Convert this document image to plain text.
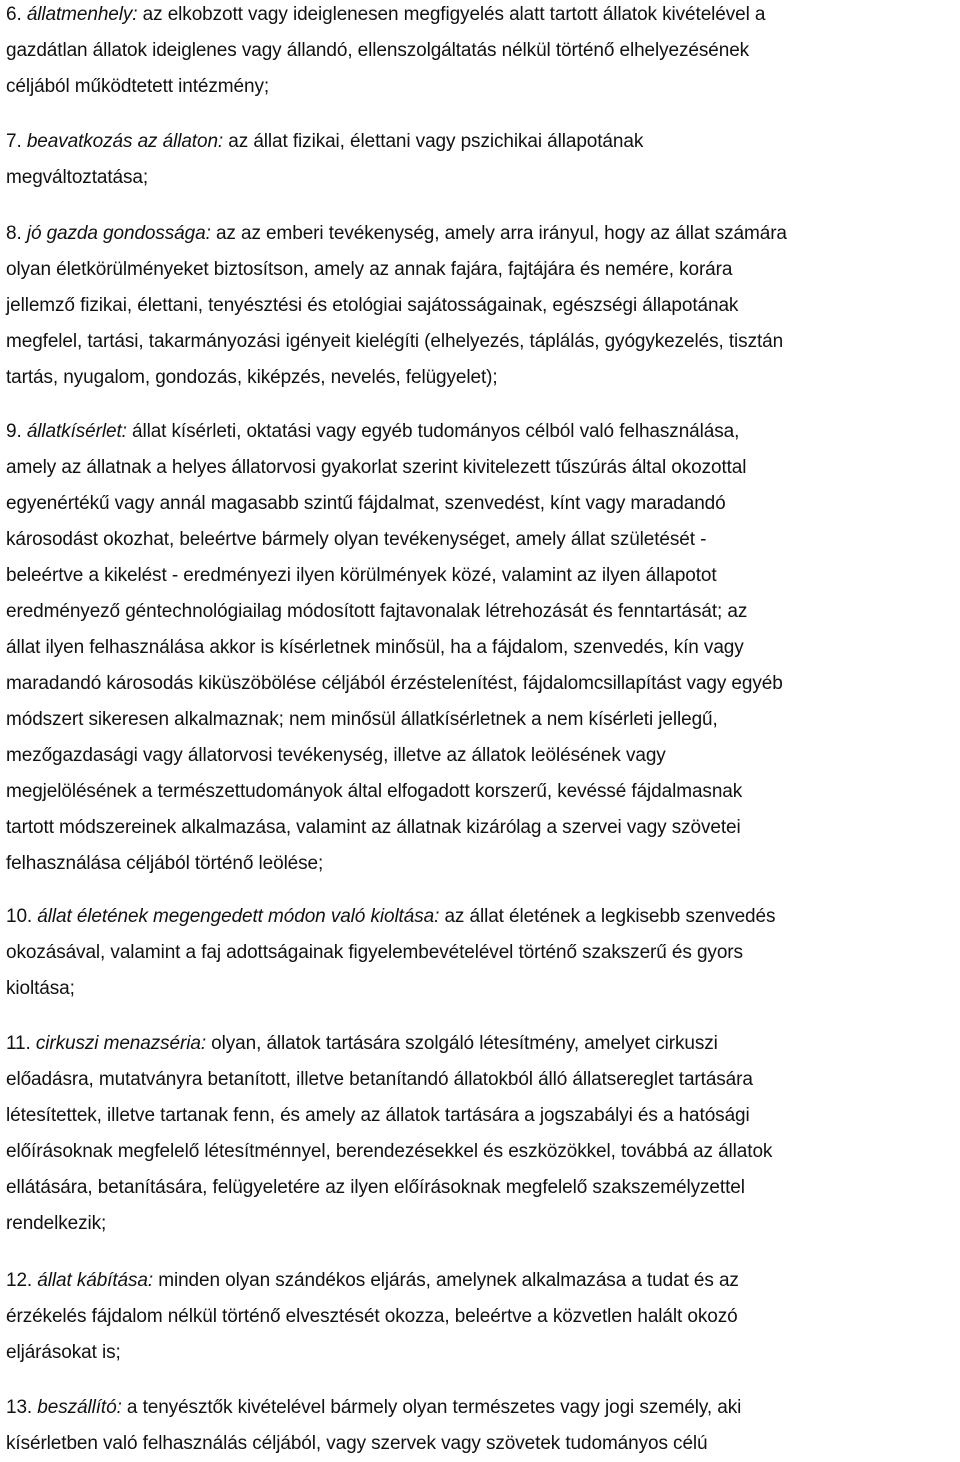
6. állatmenhely: az elkobzott vagy ideiglenesen megfigyelés alatt tartott állatok kivételével a
gazdátlan állatok ideiglenes vagy állandó, ellenszolgáltatás nélkül történő elhelyezésének
céljából működtetett intézmény;
7. beavatkozás az állaton: az állat fizikai, élettani vagy pszichikai állapotának
megváltoztatása;
8. jó gazda gondossága: az az emberi tevékenység, amely arra irányul, hogy az állat számára
olyan életkörülményeket biztosítson, amely az annak fajára, fajtájára és nemére, korára
jellemző fizikai, élettani, tenyésztési és etológiai sajátosságainak, egészségi állapotának
megfelel, tartási, takarmányozási igényeit kielégíti (elhelyezés, táplálás, gyógykezelés, tisztán
tartás, nyugalom, gondozás, kiképzés, nevelés, felügyelet);
9. állatkísérlet: állat kísérleti, oktatási vagy egyéb tudományos célból való felhasználása,
amely az állatnak a helyes állatorvosi gyakorlat szerint kivitelezett tűszúrás által okozottal
egyenértékű vagy annál magasabb szintű fájdalmat, szenvedést, kínt vagy maradandó
károsodást okozhat, beleértve bármely olyan tevékenységet, amely állat születését -
beleértve a kikelést - eredményezi ilyen körülmények közé, valamint az ilyen állapotot
eredményező géntechnológiailag módosított fajtavonalak létrehozását és fenntartását; az
állat ilyen felhasználása akkor is kísérletnek minősül, ha a fájdalom, szenvedés, kín vagy
maradandó károsodás kiküszöbölése céljából érzéstelenítést, fájdalomcsillapítást vagy egyéb
módszert sikeresen alkalmaznak; nem minősül állatkísérletnek a nem kísérleti jellegű,
mezőgazdasági vagy állatorvosi tevékenység, illetve az állatok leölésének vagy
megjelölésének a természettudományok által elfogadott korszerű, kevéssé fájdalmasnak
tartott módszereinek alkalmazása, valamint az állatnak kizárólag a szervei vagy szövetei
felhasználása céljából történő leölése;
10. állat életének megengedett módon való kioltása: az állat életének a legkisebb szenvedés
okozásával, valamint a faj adottságainak figyelembevételével történő szakszerű és gyors
kioltása;
11. cirkuszi menazséria: olyan, állatok tartására szolgáló létesítmény, amelyet cirkuszi
előadásra, mutatványra betanított, illetve betanítandó állatokból álló állatsereglet tartására
létesítettek, illetve tartanak fenn, és amely az állatok tartására a jogszabályi és a hatósági
előírásoknak megfelelő létesítménnyel, berendezésekkel és eszközökkel, továbbá az állatok
ellátására, betanítására, felügyeletére az ilyen előírásoknak megfelelő szakszemélyzettel
rendelkezik;
12. állat kábítása: minden olyan szándékos eljárás, amelynek alkalmazása a tudat és az
érzékelés fájdalom nélkül történő elvesztését okozza, beleértve a közvetlen halált okozó
eljárásokat is;
13. beszállító: a tenyésztők kivételével bármely olyan természetes vagy jogi személy, aki
kísérletben való felhasználás céljából, vagy szervek vagy szövetek tudományos célú
